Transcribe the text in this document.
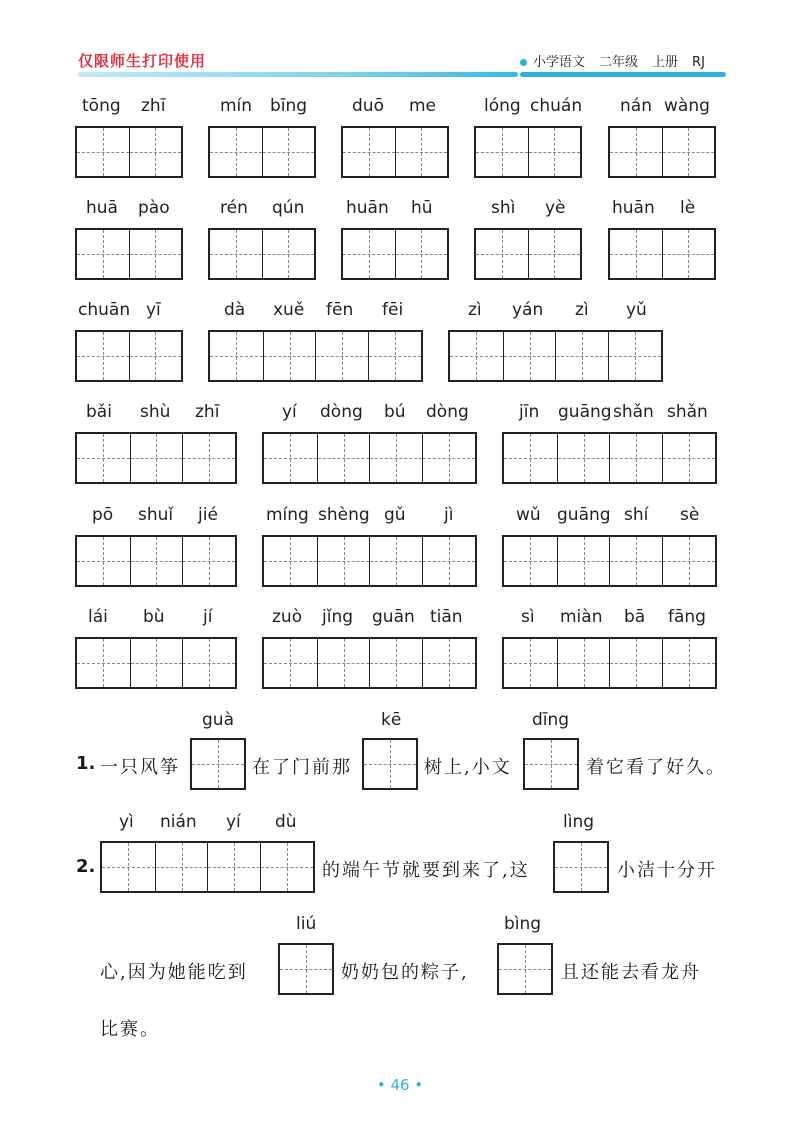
仅限师生打印使用	小学语文 二年级 上册 RJ
tōng zhī	mín bīng	duō me	lóng chuán nán wàng
huā pào	rén qún huān hū	shì yè	huān lè
chuān yī	dà xuě fēn fēi	zì yán zì yǔ
bǎi shù zhī	yí dòng bú dòng	jīn guāng shǎn shǎn
pō shuǐ jié	míng shèng gǔ jì	wǔ guāng shí sè
lái bù jí	zuò jǐng guān tiān	sì miàn bā fāng
guà	kē	dīng
1. 一只风筝	在了门前那	树上,小文	着它看了好久。
yì nián yí dù	lìng
2.	的端午节就要到来了,这	小洁十分开
liú	bìng
心,因为她能吃到	奶奶包的粽子,	且还能去看龙舟
比赛。
• 46 •
